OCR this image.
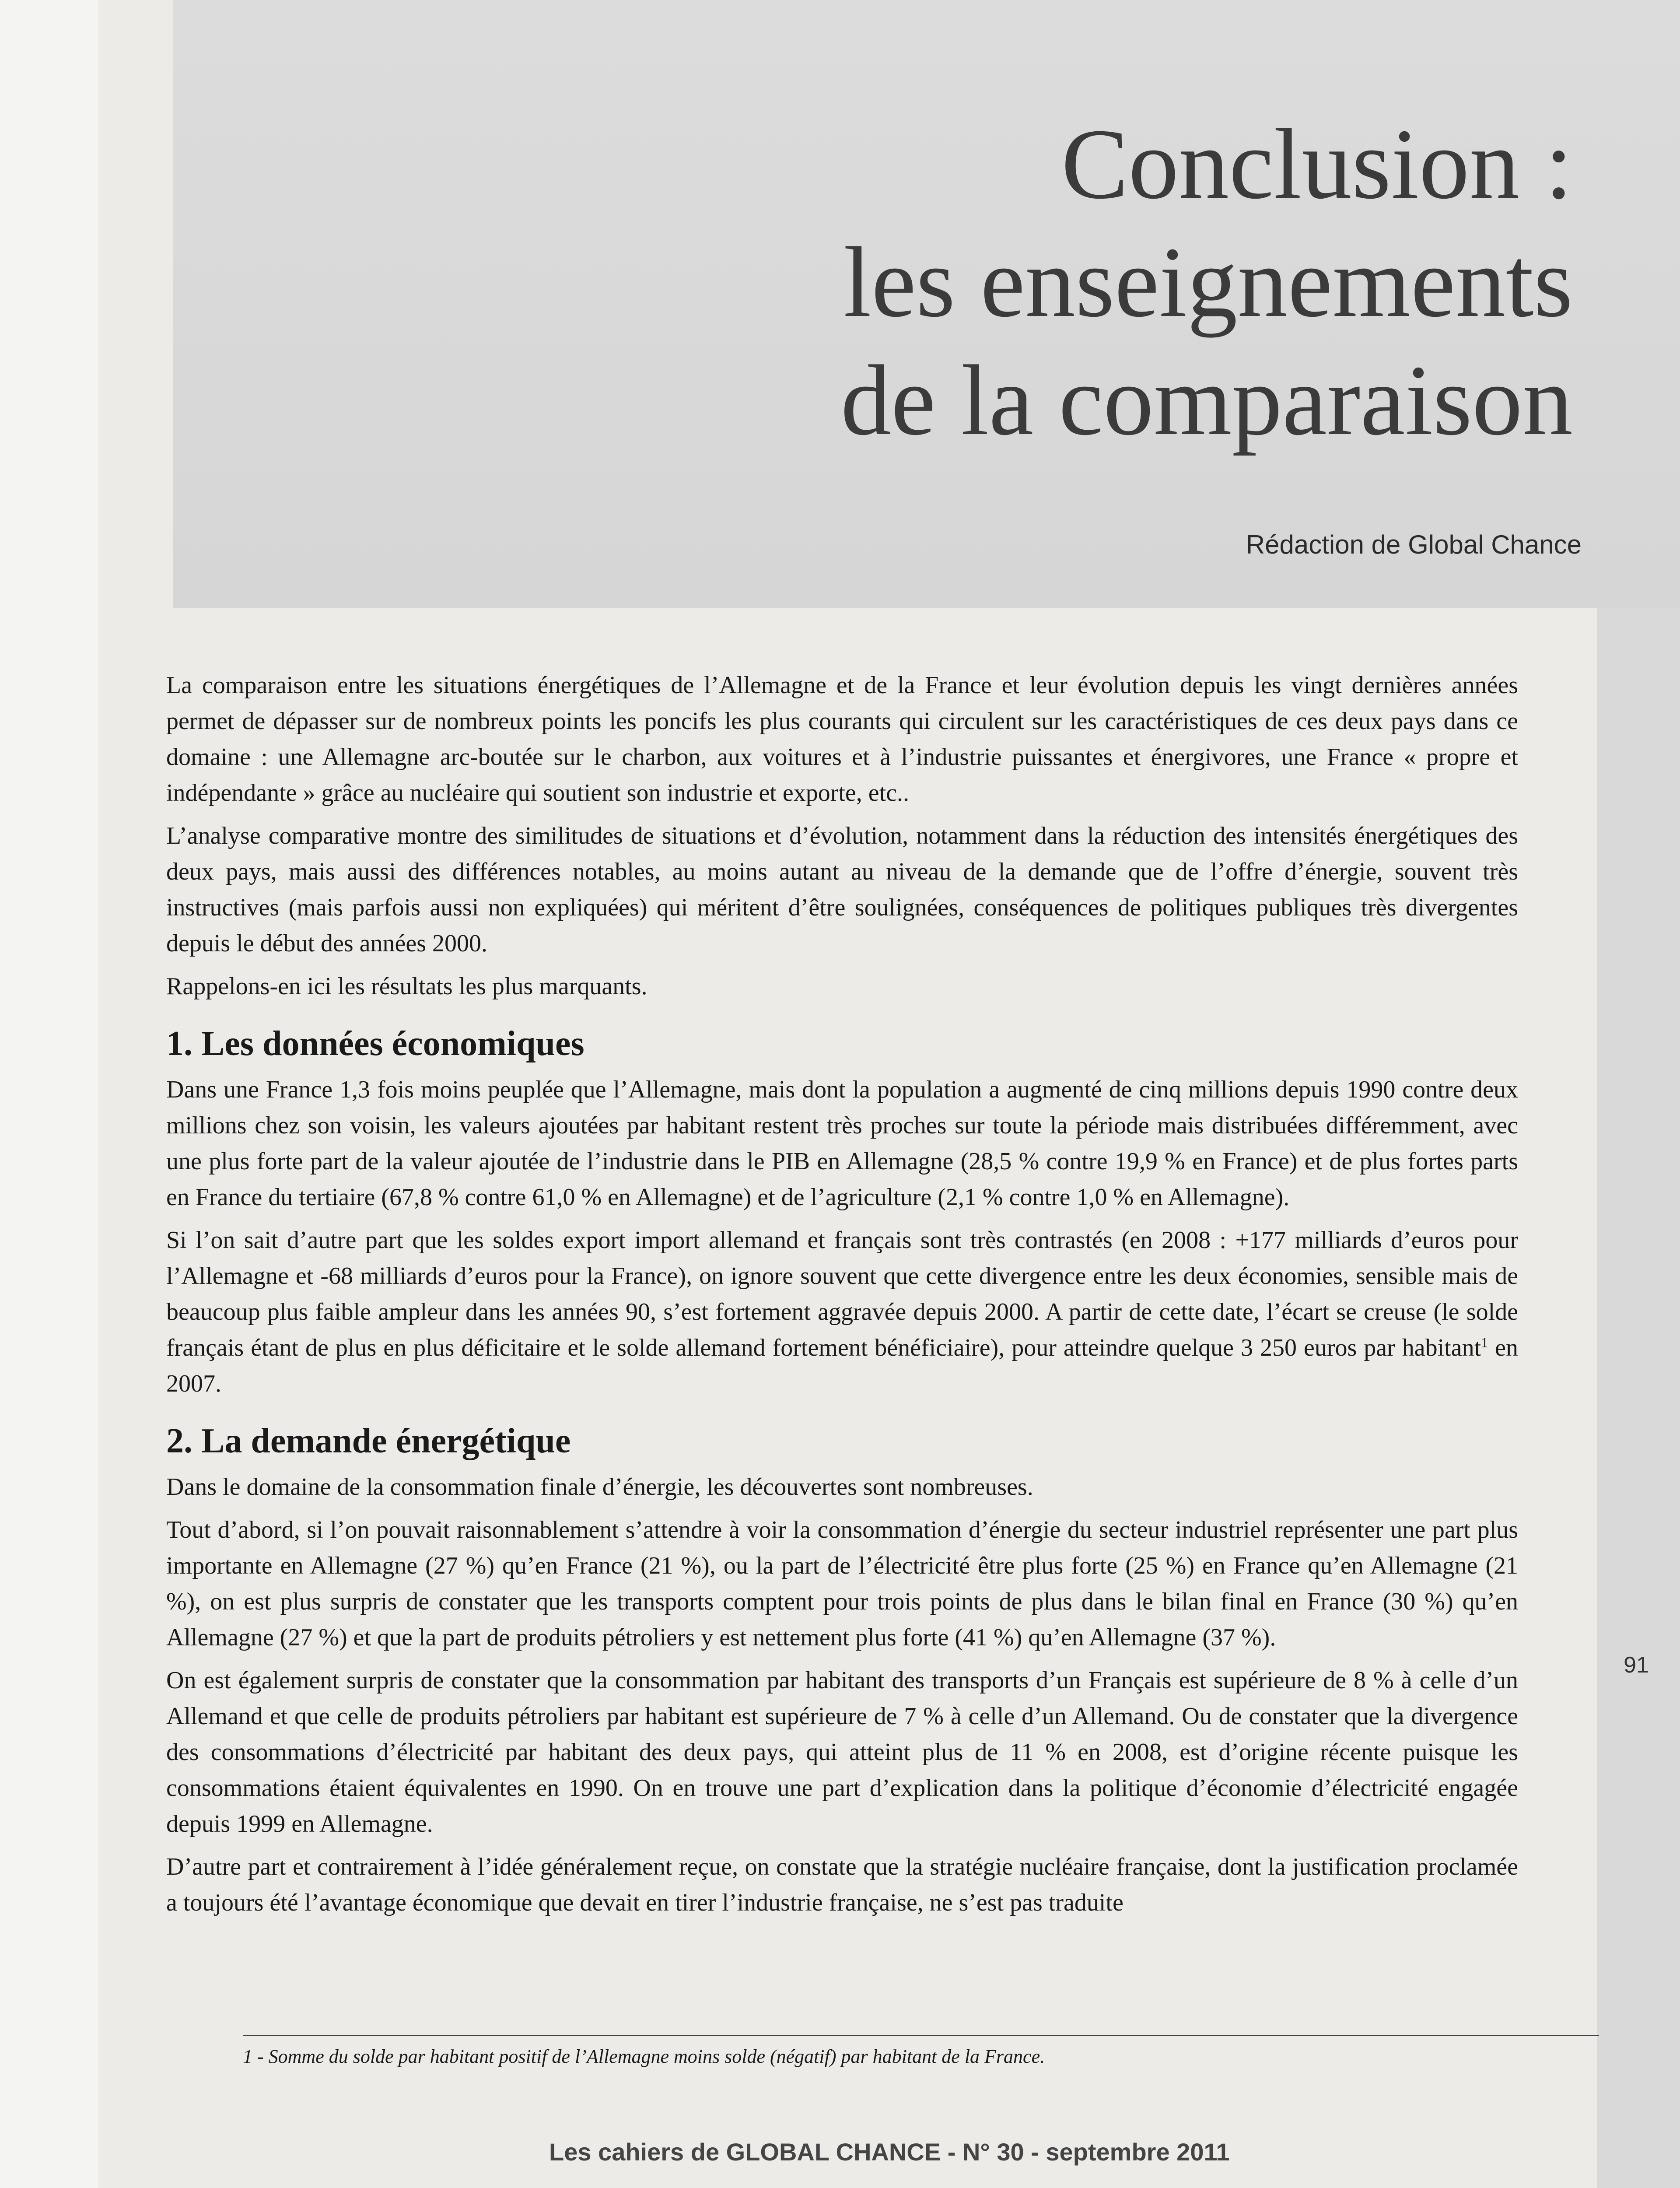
Conclusion :
les enseignements
de la comparaison
Rédaction de Global Chance

La comparaison entre les situations énergétiques de l’Allemagne et de la France et leur évolution depuis les vingt dernières années permet de dépasser sur de nombreux points les poncifs les plus courants qui circulent sur les caractéristiques de ces deux pays dans ce domaine : une Allemagne arc-boutée sur le charbon, aux voitures et à l’industrie puissantes et énergivores, une France « propre et indépendante » grâce au nucléaire qui soutient son industrie et exporte, etc..

L’analyse comparative montre des similitudes de situations et d’évolution, notamment dans la réduction des intensités énergétiques des deux pays, mais aussi des différences notables, au moins autant au niveau de la demande que de l’offre d’énergie, souvent très instructives (mais parfois aussi non expliquées) qui méritent d’être soulignées, conséquences de politiques publiques très divergentes depuis le début des années 2000.

Rappelons-en ici les résultats les plus marquants.

1. Les données économiques

Dans une France 1,3 fois moins peuplée que l’Allemagne, mais dont la population a augmenté de cinq millions depuis 1990 contre deux millions chez son voisin, les valeurs ajoutées par habitant restent très proches sur toute la période mais distribuées différemment, avec une plus forte part de la valeur ajoutée de l’industrie dans le PIB en Allemagne (28,5 % contre 19,9 % en France) et de plus fortes parts en France du tertiaire (67,8 % contre 61,0 % en Allemagne) et de l’agriculture (2,1 % contre 1,0 % en Allemagne).

Si l’on sait d’autre part que les soldes export import allemand et français sont très contrastés (en 2008 : +177 milliards d’euros pour l’Allemagne et -68 milliards d’euros pour la France), on ignore souvent que cette divergence entre les deux économies, sensible mais de beaucoup plus faible ampleur dans les années 90, s’est fortement aggravée depuis 2000. A partir de cette date, l’écart se creuse (le solde français étant de plus en plus déficitaire et le solde allemand fortement bénéficiaire), pour atteindre quelque 3 250 euros par habitant$^1$ en 2007.

2. La demande énergétique

Dans le domaine de la consommation finale d’énergie, les découvertes sont nombreuses.

Tout d’abord, si l’on pouvait raisonnablement s’attendre à voir la consommation d’énergie du secteur industriel représenter une part plus importante en Allemagne (27 %) qu’en France (21 %), ou la part de l’électricité être plus forte (25 %) en France qu’en Allemagne (21 %), on est plus surpris de constater que les transports comptent pour trois points de plus dans le bilan final en France (30 %) qu’en Allemagne (27 %) et que la part de produits pétroliers y est nettement plus forte (41 %) qu’en Allemagne (37 %).

On est également surpris de constater que la consommation par habitant des transports d’un Français est supérieure de 8 % à celle d’un Allemand et que celle de produits pétroliers par habitant est supérieure de 7 % à celle d’un Allemand. Ou de constater que la divergence des consommations d’électricité par habitant des deux pays, qui atteint plus de 11 % en 2008, est d’origine récente puisque les consommations étaient équivalentes en 1990. On en trouve une part d’explication dans la politique d’économie d’électricité engagée depuis 1999 en Allemagne.

D’autre part et contrairement à l’idée généralement reçue, on constate que la stratégie nucléaire française, dont la justification proclamée a toujours été l’avantage économique que devait en tirer l’industrie française, ne s’est pas traduite

1 - Somme du solde par habitant positif de l’Allemagne moins solde (négatif) par habitant de la France.

91
Les cahiers de GLOBAL CHANCE - N° 30 - septembre 2011
